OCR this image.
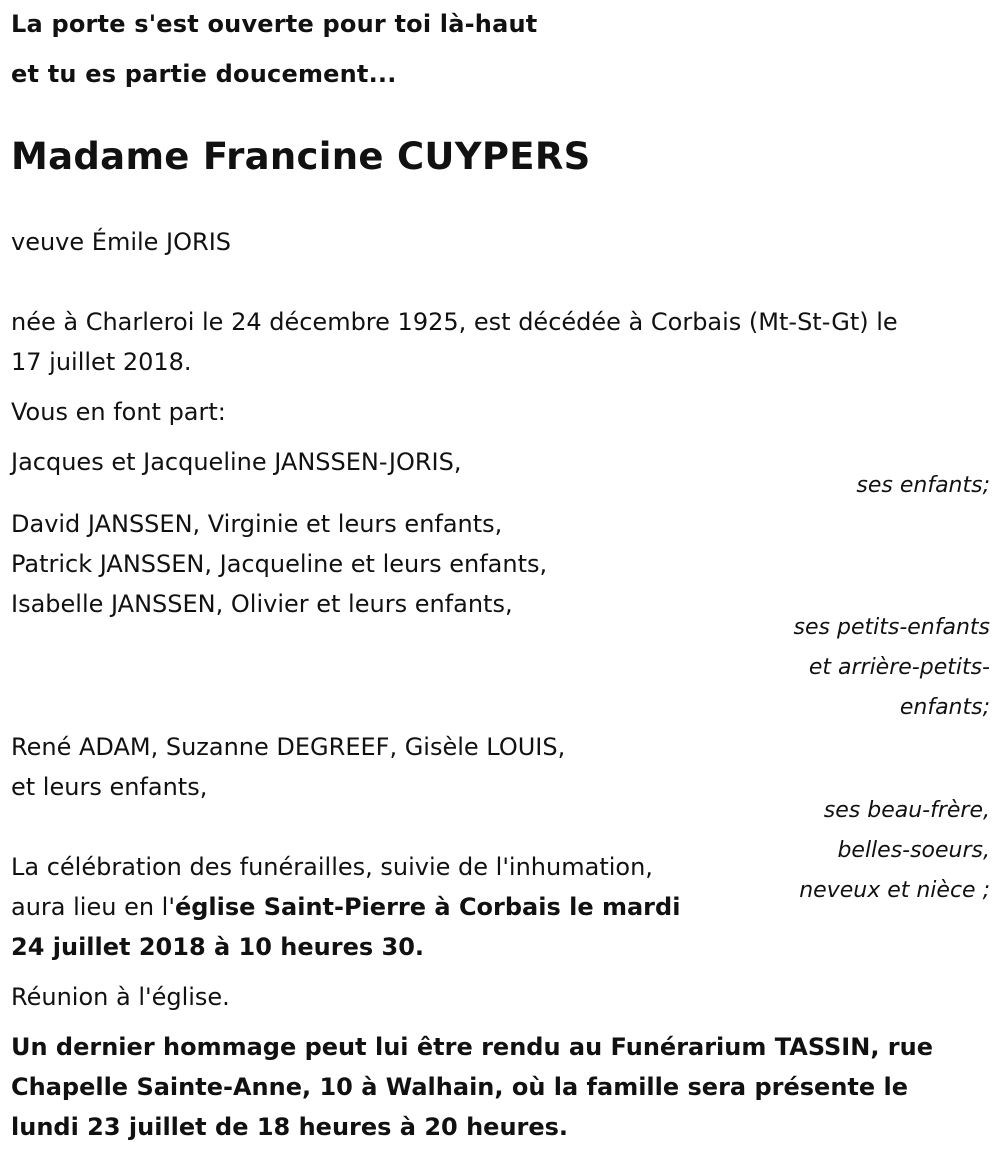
La porte s'est ouverte pour toi là-haut
et tu es partie doucement...
Madame Francine CUYPERS
veuve Émile JORIS
née à Charleroi le 24 décembre 1925, est décédée à Corbais (Mt-St-Gt) le
17 juillet 2018.
Vous en font part:
Jacques et Jacqueline JANSSEN-JORIS,
ses enfants;
David JANSSEN, Virginie et leurs enfants,
Patrick JANSSEN, Jacqueline et leurs enfants,
Isabelle JANSSEN, Olivier et leurs enfants,
ses petits-enfants
et arrière-petits-
enfants;
René ADAM, Suzanne DEGREEF, Gisèle LOUIS,
et leurs enfants,
ses beau-frère,
belles-soeurs,
neveux et nièce ;
La célébration des funérailles, suivie de l'inhumation,
aura lieu en l'église Saint-Pierre à Corbais le mardi
24 juillet 2018 à 10 heures 30.
Réunion à l'église.
Un dernier hommage peut lui être rendu au Funérarium TASSIN, rue
Chapelle Sainte-Anne, 10 à Walhain, où la famille sera présente le
lundi 23 juillet de 18 heures à 20 heures.
